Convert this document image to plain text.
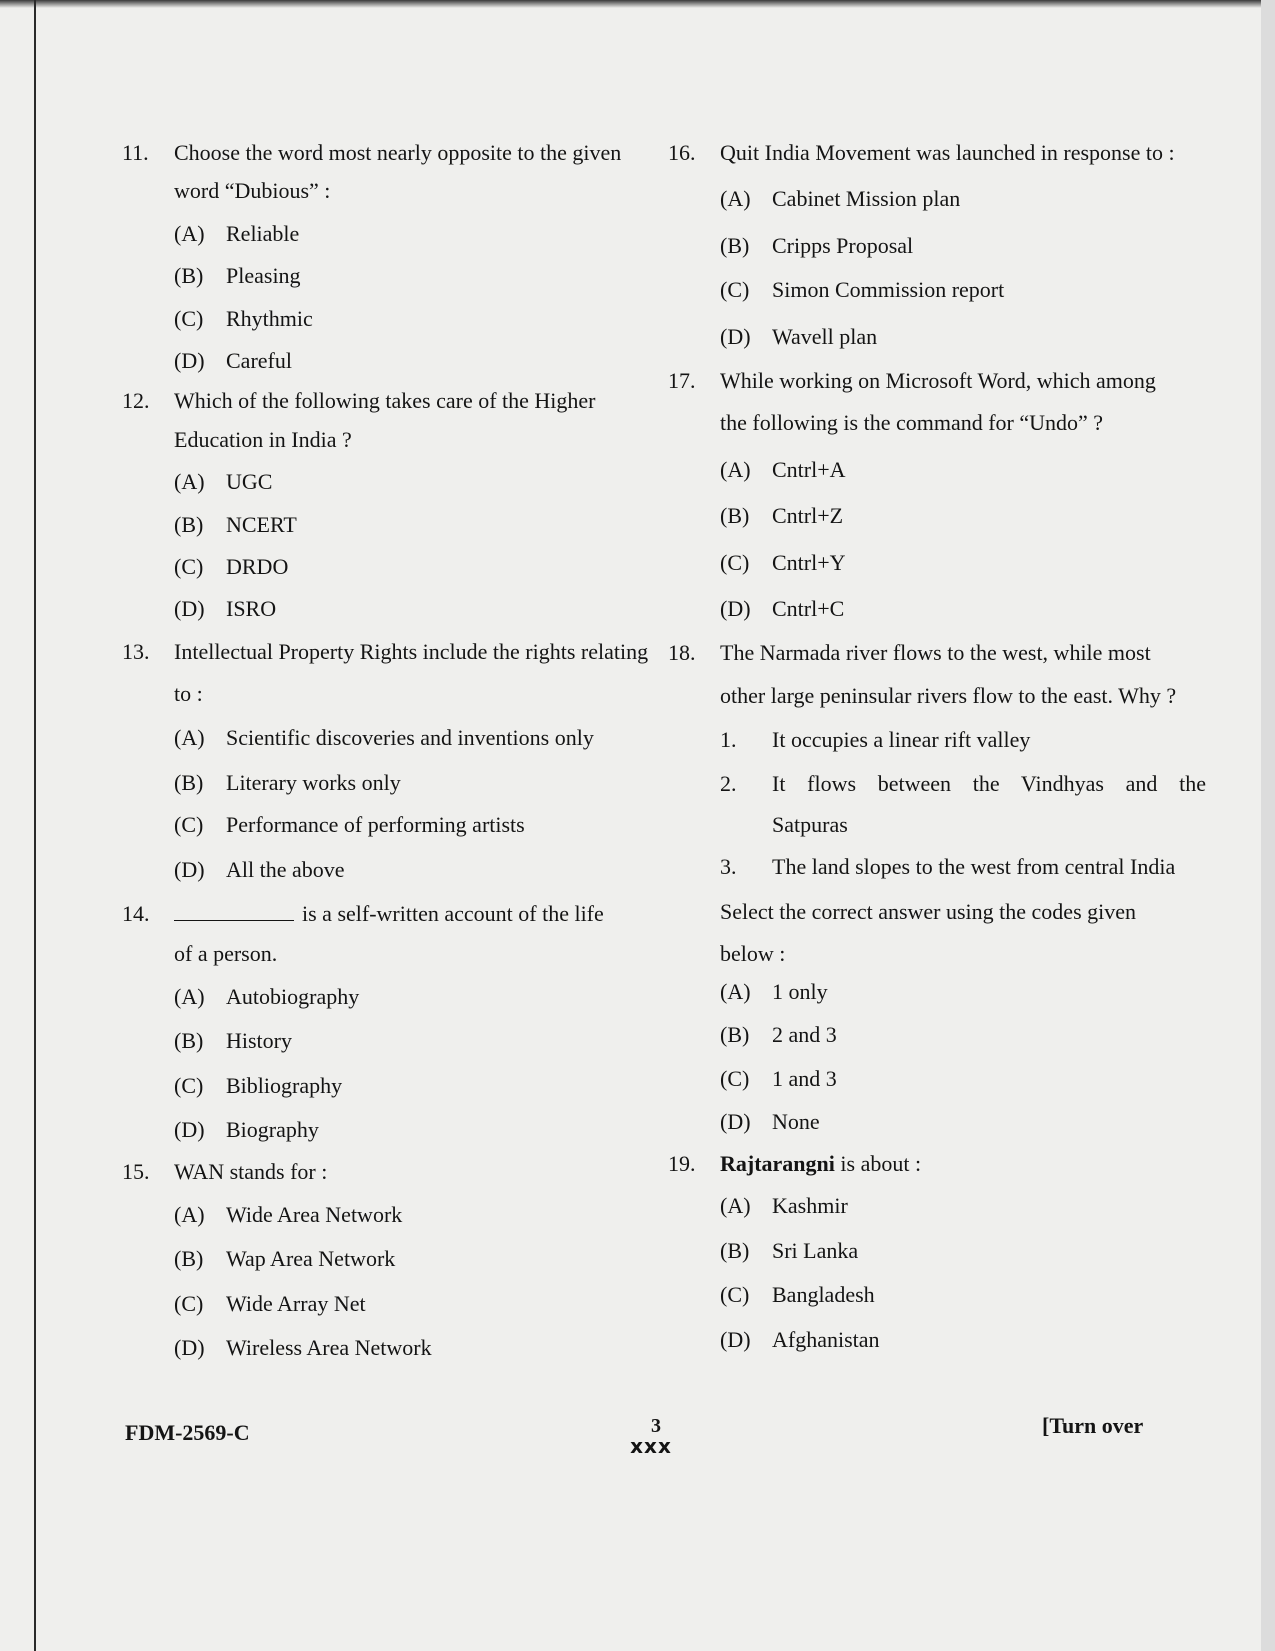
11.	Choose the word most nearly opposite to the given
word “Dubious” :
(A) Reliable
(B)	Pleasing
(C)	Rhythmic
(D) Careful
12.	Which of the following takes care of the Higher
Education in India ?
(A) UGC
(B)	NCERT
(C)	DRDO
(D) ISRO
13.	Intellectual Property Rights include the rights relating
to :
(A) Scientific discoveries and inventions only
(B)	Literary works only
(C)	Performance of performing artists
(D) All the above
14.	is a self-written account of the life
of a person.
(A) Autobiography
(B)	History
(C)	Bibliography
(D) Biography
15.	WAN stands for :
(A) Wide Area Network
(B)	Wap Area Network
(C)	Wide Array Net
(D) Wireless Area Network
16.	Quit India Movement was launched in response to :
(A) Cabinet Mission plan
(B)	Cripps Proposal
(C)	Simon Commission report
(D) Wavell plan
17.	While working on Microsoft Word, which among
the following is the command for “Undo” ?
(A) Cntrl+A
(B)	Cntrl+Z
(C)	Cntrl+Y
(D) Cntrl+C
18.	The Narmada river flows to the west, while most
other large peninsular rivers flow to the east. Why ?
1.	It occupies a linear rift valley
2.	It flows between the Vindhyas and the
Satpuras
3.	The land slopes to the west from central India
Select the correct answer using the codes given
below :
(A) 1 only
(B)	2 and 3
(C)	1 and 3
(D) None
19.	Rajtarangni is about :
(A) Kashmir
(B)	Sri Lanka
(C)	Bangladesh
(D) Afghanistan
FDM-2569-C	3
xxx
[Turn over
